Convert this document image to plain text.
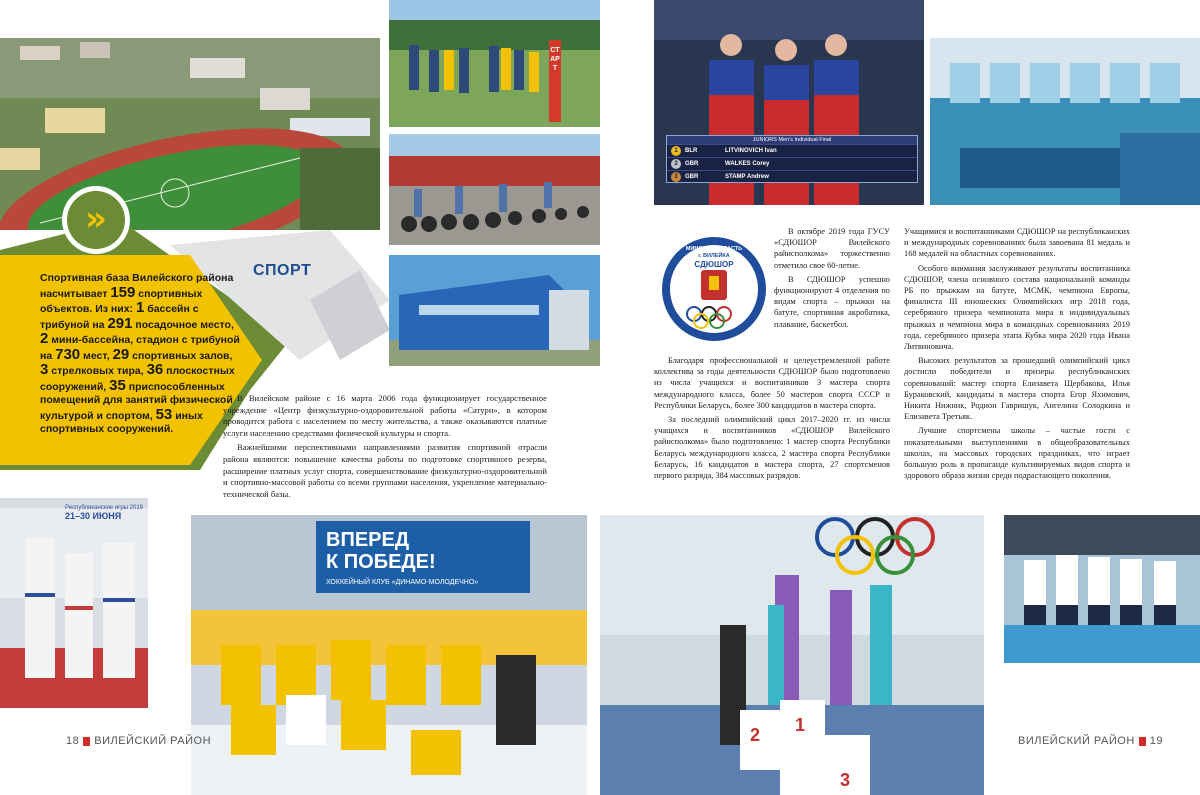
»
СПОРТ
Спортивная база Вилейского района насчитывает 159 спортивных объектов. Из них: 1 бассейн с трибуной на 291 посадочное место, 2 мини-бассейна, стадион с трибуной на 730 мест, 29 спортивных залов, 3 стрелковых тира, 36 плоскостных сооружений, 35 приспособленных помещений для занятий физической культурой и спортом, 53 иных спортивных сооружений.
СТАРТ

В Вилейском районе с 16 марта 2006 года функционирует государственное учреждение «Центр физкультурно-оздоровительной работы «Сатурн», в котором проводится работа с населением по месту жительства, а также оказываются платные услуги населению средствами физической культуры и спорта.

Важнейшими перспективными направлениями развития спортивной отрасли района являются: повышение качества работы по подготовке спортивного резерва, расширение платных услуг спорта, совершенствование физкультурно-оздоровительной и спортивно-массовой работы со всеми группами населения, укрепление материально-технической базы.

Республиканские игры 2019
21–30 ИЮНЯ
ВПЕРЕД
К ПОБЕДЕ!
ХОККЕЙНЫЙ КЛУБ «ДИНАМО-МОЛОДЕЧНО»
18 ВИЛЕЙСКИЙ РАЙОН
JUNIORS Men's Individual Final
1	BLR	LITVINOVICH Ivan
2	GBR	WALKES Corey
3	GBR	STAMP Andrew
МИНСКАЯ ОБЛАСТЬ
г. ВИЛЕЙКА
СДЮШОР

В октябре 2019 года ГУСУ «СДЮШОР Вилейского райисполкома» торжественно отметило свое 60-летие.

В СДЮШОР успешно функционируют 4 отделения по видам спорта – прыжки на батуте, спортивная акробатика, плавание, баскетбол.

Благодаря профессиональной и целеустремленной работе коллектива за годы деятельности СДЮШОР было подготовлено из числа учащихся и воспитанников 3 мастера спорта международного класса, более 50 мастеров спорта СССР и Республики Беларусь, более 300 кандидатов в мастера спорта.

За последний олимпийский цикл 2017–2020 гг. из числа учащихся и воспитанников «СДЮШОР Вилейского райисполкома» было подготовлено: 1 мастер спорта Республики Беларусь международного класса, 2 мастера спорта Республики Беларусь, 16 кандидатов в мастера спорта, 27 спортсменов первого разряда, 384 массовых разрядов.

Учащимися и воспитанниками СДЮШОР на республиканских и международных соревнованиях была завоевана 81 медаль и 168 медалей на областных соревнованиях.

Особого внимания заслуживают результаты воспитанника СДЮШОР, члена основного состава национальной команды РБ по прыжкам на батуте, МСМК, чемпиона Европы, финалиста III юношеских Олимпийских игр 2018 года, серебряного призера чемпионата мира в индивидуальных прыжках и чемпиона мира в командных соревнованиях 2019 года, серебряного призера этапа Кубка мира 2020 года Ивана Литвиновича.

Высоких результатов за прошедший олимпийский цикл достигли победители и призеры республиканских соревнований: мастер спорта Елизавета Щербакова, Илья Бураковский, кандидаты в мастера спорта Егор Яхимович, Никита Нижник, Родион Гавришук, Ангелина Солодкина и Елизавета Третьяк.

Лучшие спортсмены школы – частые гости с показательными выступлениями в общеобразовательных школах, на массовых городских праздниках, что играет большую роль в пропаганде культивируемых видов спорта и здорового образа жизни среди подрастающего поколения.

2 1
3
ВИЛЕЙСКИЙ РАЙОН 19
